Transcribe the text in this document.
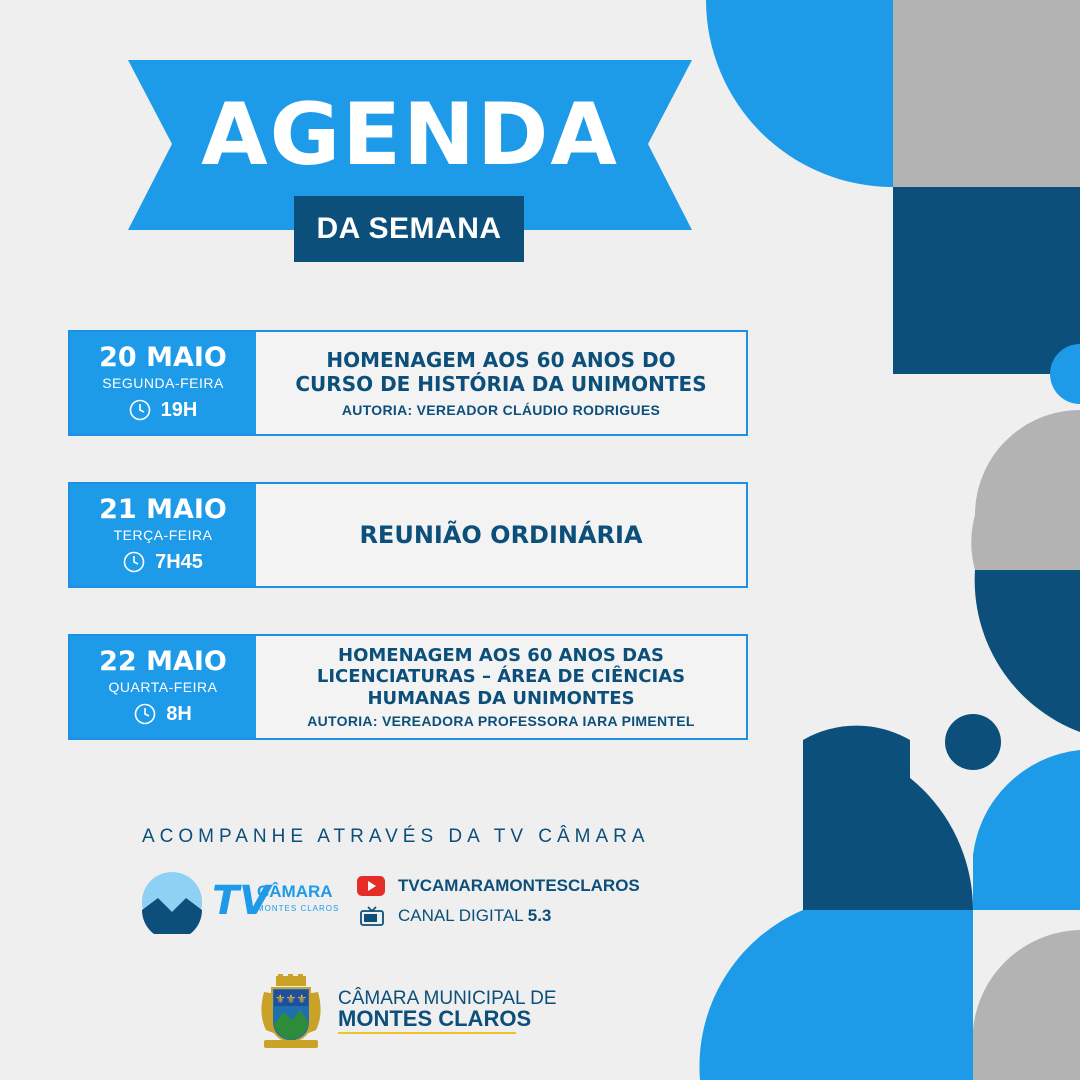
AGENDA
DA SEMANA
20 MAIO
SEGUNDA-FEIRA
19H
HOMENAGEM AOS 60 ANOS DO
CURSO DE HISTÓRIA DA UNIMONTES
AUTORIA: VEREADOR CLÁUDIO RODRIGUES
21 MAIO
TERÇA-FEIRA
7H45
REUNIÃO ORDINÁRIA
22 MAIO
QUARTA-FEIRA
8H
HOMENAGEM AOS 60 ANOS DAS
LICENCIATURAS – ÁREA DE CIÊNCIAS
HUMANAS DA UNIMONTES
AUTORIA: VEREADORA PROFESSORA IARA PIMENTEL
ACOMPANHE ATRAVÉS DA TV CÂMARA
TV
CÂMARA
MONTES CLAROS
TVCAMARAMONTESCLAROS
CANAL DIGITAL 5.3
⚜⚜⚜ CÂMARA MUNICIPAL DE
MONTES CLAROS
